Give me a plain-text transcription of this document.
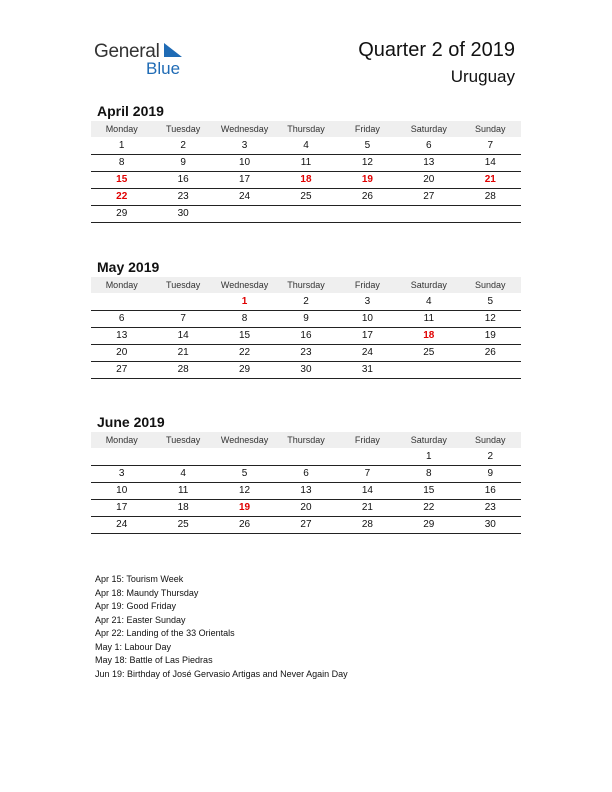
General
Blue
Quarter 2 of 2019
Uruguay
April 2019
Monday	Tuesday	Wednesday	Thursday	Friday	Saturday	Sunday
1	2	3	4	5	6	7
8	9	10	11	12	13	14
15	16	17	18	19	20	21
22	23	24	25	26	27	28
29	30					
May 2019
Monday	Tuesday	Wednesday	Thursday	Friday	Saturday	Sunday
		1	2	3	4	5
6	7	8	9	10	11	12
13	14	15	16	17	18	19
20	21	22	23	24	25	26
27	28	29	30	31		
June 2019
Monday	Tuesday	Wednesday	Thursday	Friday	Saturday	Sunday
					1	2
3	4	5	6	7	8	9
10	11	12	13	14	15	16
17	18	19	20	21	22	23
24	25	26	27	28	29	30
Apr 15: Tourism Week
Apr 18: Maundy Thursday
Apr 19: Good Friday
Apr 21: Easter Sunday
Apr 22: Landing of the 33 Orientals
May 1: Labour Day
May 18: Battle of Las Piedras
Jun 19: Birthday of José Gervasio Artigas and Never Again Day
